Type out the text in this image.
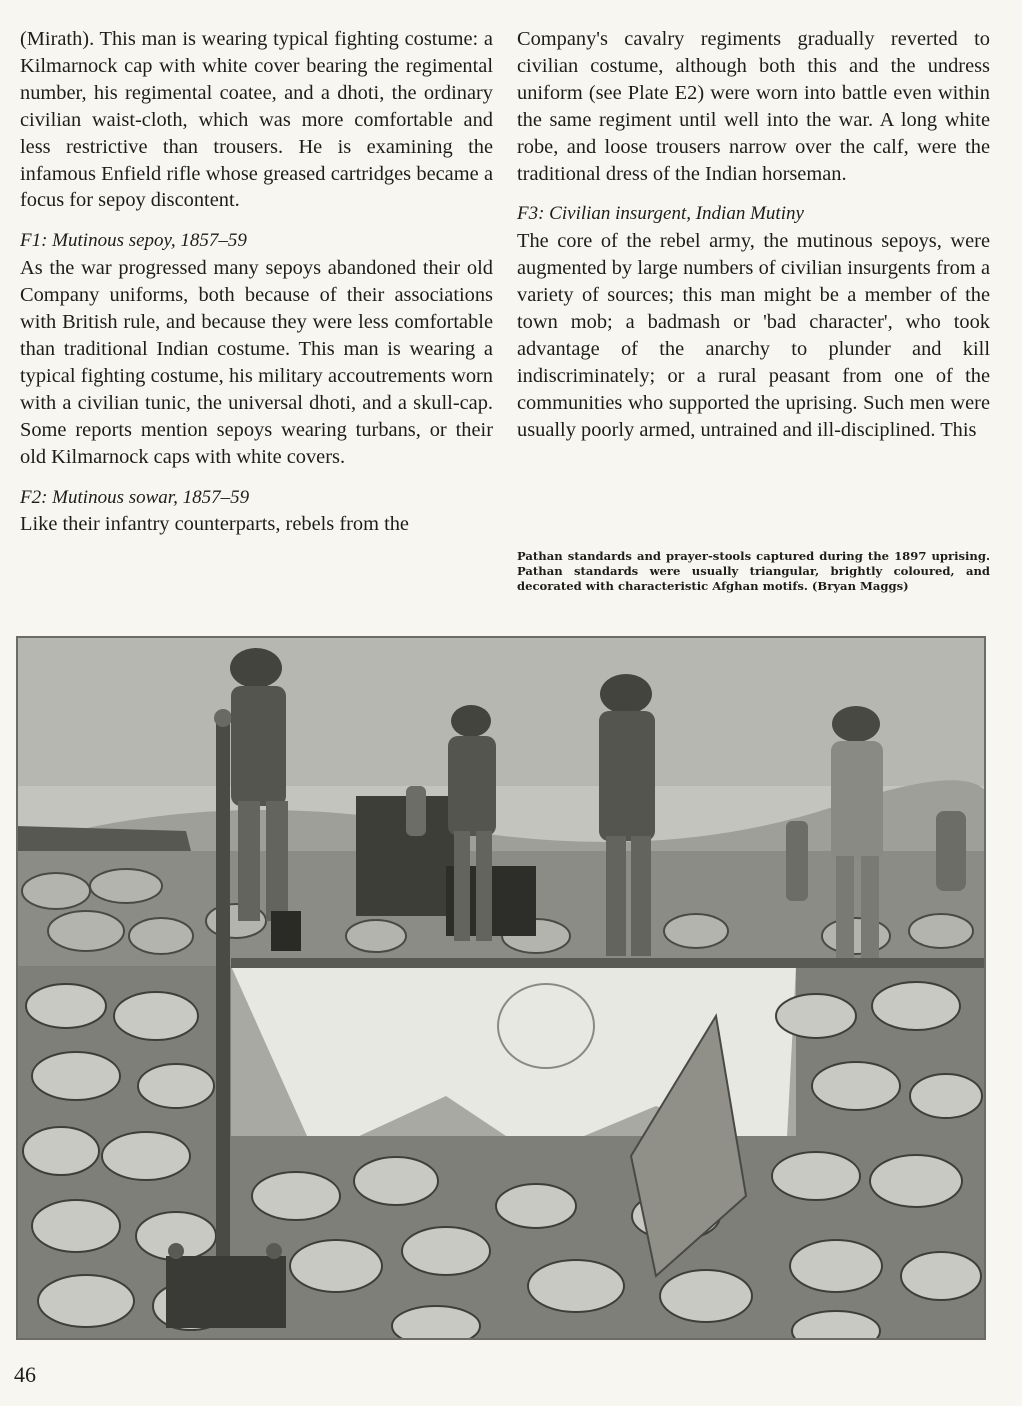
(Mirath). This man is wearing typical fighting costume: a Kilmarnock cap with white cover bearing the regimental number, his regimental coatee, and a dhoti, the ordinary civilian waist-cloth, which was more comfortable and less restrictive than trousers. He is examining the infamous Enfield rifle whose greased cartridges became a focus for sepoy discontent.

F1: Mutinous sepoy, 1857–59

As the war progressed many sepoys abandoned their old Company uniforms, both because of their associations with British rule, and because they were less comfortable than traditional Indian costume. This man is wearing a typical fighting costume, his military accoutrements worn with a civilian tunic, the universal dhoti, and a skull-cap. Some reports mention sepoys wearing turbans, or their old Kilmarnock caps with white covers.

F2: Mutinous sowar, 1857–59

Like their infantry counterparts, rebels from the

Company's cavalry regiments gradually reverted to civilian costume, although both this and the undress uniform (see Plate E2) were worn into battle even within the same regiment until well into the war. A long white robe, and loose trousers narrow over the calf, were the traditional dress of the Indian horseman.

F3: Civilian insurgent, Indian Mutiny

The core of the rebel army, the mutinous sepoys, were augmented by large numbers of civilian insurgents from a variety of sources; this man might be a member of the town mob; a badmash or 'bad character', who took advantage of the anarchy to plunder and kill indiscriminately; or a rural peasant from one of the communities who supported the uprising. Such men were usually poorly armed, untrained and ill-disciplined. This

Pathan standards and prayer-stools captured during the 1897 uprising. Pathan standards were usually triangular, brightly coloured, and decorated with characteristic Afghan motifs. (Bryan Maggs)
46
